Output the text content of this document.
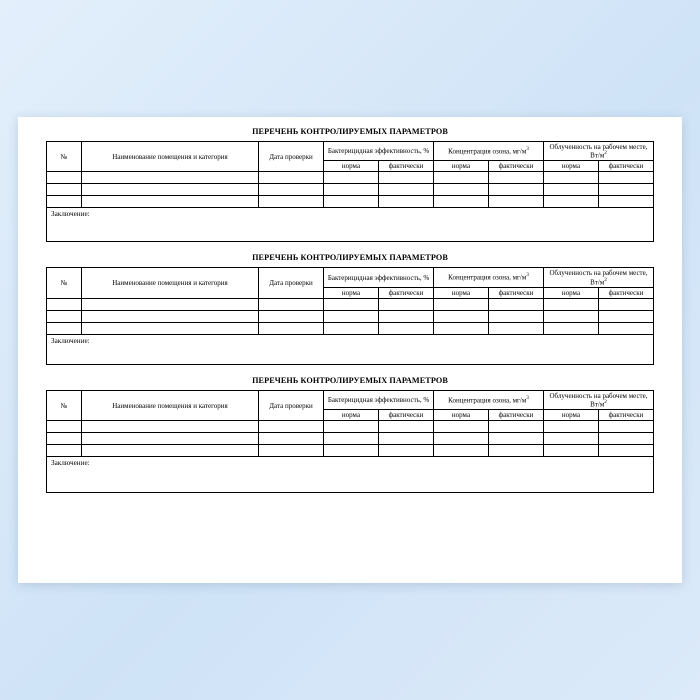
ПЕРЕЧЕНЬ КОНТРОЛИРУЕМЫХ ПАРАМЕТРОВ
№	Наименование помещения и категория	Дата проверки	Бактерицидная эффективность, %		Концентрация озона, $мг/м^3$		Облученность на рабочем месте, $Вт/м^2$
			норма	фактически	норма	фактически	норма	фактически

Заключение:
ПЕРЕЧЕНЬ КОНТРОЛИРУЕМЫХ ПАРАМЕТРОВ
№	Наименование помещения и категория	Дата проверки	Бактерицидная эффективность, %		Концентрация озона, $мг/м^3$		Облученность на рабочем месте, $Вт/м^2$
			норма	фактически	норма	фактически	норма	фактически

Заключение:
ПЕРЕЧЕНЬ КОНТРОЛИРУЕМЫХ ПАРАМЕТРОВ
№	Наименование помещения и категория	Дата проверки	Бактерицидная эффективность, %		Концентрация озона, $мг/м^3$		Облученность на рабочем месте, $Вт/м^2$
			норма	фактически	норма	фактически	норма	фактически

Заключение:
